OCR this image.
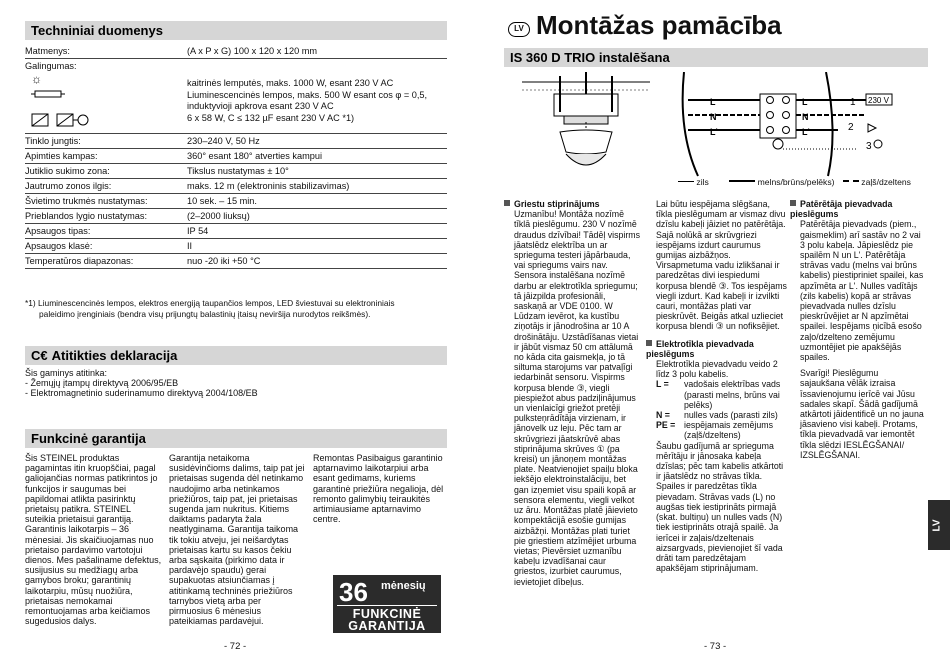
Techniniai duomenys
Matmenys:	(A x P x G) 100 x 120 x 120 mm
Galingumas:
☼	kaitrinės lemputės, maks. 1000 W, esant 230 V AC
Liuminescencinės lempos, maks. 500 W esant cos φ = 0,5, induktyvioji apkrova esant 230 V AC
6 x 58 W, C ≤ 132 µF esant 230 V AC *1)
Tinklo jungtis:	230–240 V, 50 Hz
Apimties kampas:	360° esant 180° atverties kampui
Jutiklio sukimo zona:	Tikslus nustatymas ± 10°
Jautrumo zonos ilgis:	maks. 12 m (elektroninis stabilizavimas)
Švietimo trukmės nustatymas:	10 sek. – 15 min.
Prieblandos lygio nustatymas:	(2–2000 liuksų)
Apsaugos tipas:	IP 54
Apsaugos klasė:	II
Temperatūros diapazonas:	nuo -20 iki +50 °C
*1) Liuminescencinės lempos, elektros energiją taupančios lempos, LED šviestuvai su elektroniniais
paleidimo įrenginiais (bendra visų prijungtų balastinių įtaisų neviršija nurodytos reikšmės).
C€ Atitikties deklaracija
Šis gaminys atitinka:
- Žemųjų įtampų direktyvą 2006/95/EB
- Elektromagnetinio suderinamumo direktyvą 2004/108/EB
Funkcinė garantija
Šis STEINEL produktas pagamintas itin kruopščiai, pagal galiojančias normas patikrintos jo funkcijos ir saugumas bei papildomai atlikta pasirinktų prietaisų patikra. STEINEL suteikia prietaisui garantiją. Garantinis laikotarpis – 36 mėnesiai. Jis skaičiuojamas nuo prietaiso pardavimo vartotojui dienos. Mes pašaliname defektus, susijusius su medžiagų arba gamybos broku; garantinių laikotarpiu, mūsų nuožiūra, prietaisas nemokamai remontuojamas arba keičiamos sugedusios dalys.
Garantija netaikoma susidėvinčioms dalims, taip pat jei prietaisas sugenda dėl netinkamo naudojimo arba netinkamos priežiūros, taip pat, jei prietaisas sugenda jam nukritus. Kitiems daiktams padaryta žala neatlyginama. Garantija taikoma tik tokiu atveju, jei neišardytas prietaisas kartu su kasos čekiu arba sąskaita (pirkimo data ir pardavėjo spaudu) gerai supakuotas atsiunčiamas į atitinkamą techninės priežiūros tarnybos vietą arba per pirmuosius 6 mėnesius pateikiamas pardavėjui.
Remontas Pasibaigus garantinio aptarnavimo laikotarpiui arba esant gedimams, kuriems garantinė priežiūra negalioja, dėl remonto galimybių teiraukitės artimiausiame aptarnavimo centre.
36 mėnesių
FUNKCINĖ
GARANTIJA
- 72 -
LV Montāžas pamācība
IS 360 D TRIO instalēšana
L
N
L'
L
N
L'
1
2
3
230 V
zils	melns/brūns/pelēks)	zaļš/dzeltens
Griestu stiprinājums
Uzmanību! Montāža nozīmē tīklā pieslēgumu. 230 V nozīmē draudus dzīvībai! Tādēļ vispirms jāatslēdz elektrība un ar sprieguma testeri jāpārbauda, vai spriegums vairs nav. Sensora instalēšana nozīmē darbu ar elektrotīkla spriegumu; tā jāizpilda profesionāli, saskaņā ar VDE 0100. W Lūdzam ievērot, ka kustību ziņotājs ir jānodrošina ar 10 A drošinātāju. Uzstādīšanas vietai ir jābūt vismaz 50 cm attālumā no kāda cita gaismekļa, jo tā siltuma starojums var patvaļīgi iedarbināt sensoru. Vispirms korpusa blende ③, viegli piespiežot abus padziļinājumus un vienlaicīgi griežot pretēji pulksteņrādītāja virzienam, ir jānovelk uz leju. Pēc tam ar skrūvgriezi jāatskrūvē abas stiprinājuma skrūves ① (pa kreisi) un jānoņem montāžas plate. Neatvienojiet spaiļu bloka iekšējo elektroinstalāciju, bet gan izņemiet visu spaili kopā ar sensora elementu, viegli velkot uz āru. Montāžas platē jāievieto kompektācijā esošie gumijas aizbāžņi. Montāžas plati turiet pie griestiem atzīmējiet urbuma vietas; Pievērsiet uzmanību kabeļu izvadīšanai caur griestos, izurbiet caurumus, ievietojiet dībeļus.
Lai būtu iespējama slēgšana, tīkla pieslēgumam ar vismaz divu dzīslu kabeļi jāiziet no patērētāja. Sajā nolūkā ar skrūvgriezi iespējams izdurt caurumus gumijas aizbāžņos. Virsapmetuma vadu izlikšanai ir paredzētas divi iespiedumi korpusa blendē ③. Tos iespējams viegli izdurt. Kad kabeļi ir izvilkti cauri, montāžas plati var pieskrūvēt. Beigās atkal uzlieciet korpusa blendi ③ un nofiksējiet.
Elektrotīkla pievadvada pieslēgums
Elektrotīkla pievadvadu veido 2 līdz 3 polu kabelis.
L =	vadošais elektrības vads (parasti melns, brūns vai pelēks)
N =	nulles vads (parasti zils)
PE = iespējamais zemējums (zaļš/dzeltens)
Šaubu gadījumā ar sprieguma mērītāju ir jānosaka kabeļa dzīslas; pēc tam kabelis atkārtoti ir jāatslēdz no strāvas tīkla. Spailes ir paredzētas tīkla pievadam. Strāvas vads (L) no augšas tiek iestiprināts pirmajā (skat. bultiņu) un nulles vads (N) tiek iestiprināts otrajā spailē. Ja ierīcei ir zaļais/dzeltenais aizsargvads, pievienojiet šī vada drāti tam paredzētajam apakšējam stiprinājumam.
Patērētāja pievadvada pieslēgums
Patērētāja pievadvads (piem., gaismeklim) arī sastāv no 2 vai 3 polu kabeļa. Jāpieslēdz pie spailēm N un L'. Patērētāja strāvas vadu (melns vai brūns kabelis) piestipriniet spailei, kas apzīmēta ar L'. Nulles vadītājs (zils kabelis) kopā ar strāvas pievadvada nulles dzīslu pieskrūvējiet ar N apzīmētai spailei. Iespējams ņicībā esošo zaļo/dzelteno zemējumu uzmontējiet pie apakšējās spailes.
Svarīgi! Pieslēgumu sajaukšana vēlāk izraisa īssavienojumu ierīcē vai Jūsu sadales skapī. Šādā gadījumā atkārtoti jāidentificē un no jauna jāsavieno visi kabeļi. Protams, tīkla pievadvadā var iemontēt tīkla slēdzi IESLĒGŠANAI/ IZSLĒGŠANAI.
LV
- 73 -
